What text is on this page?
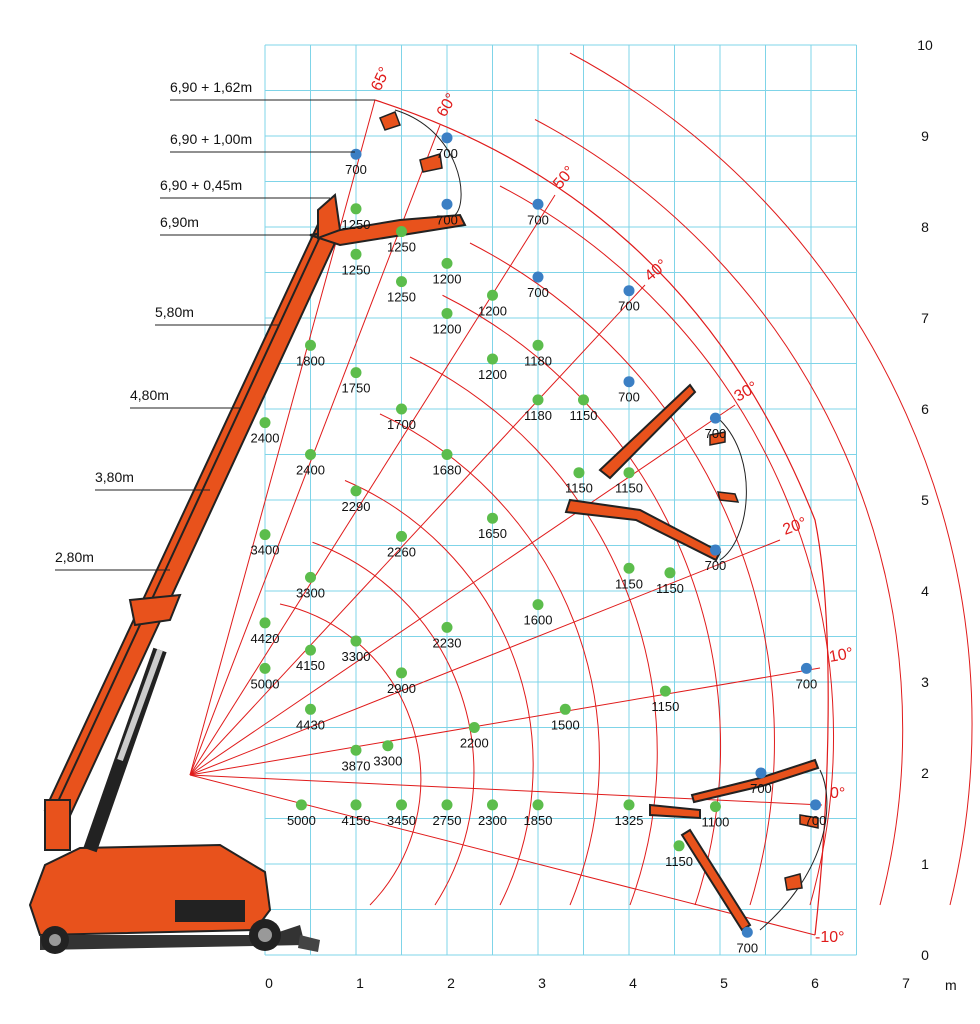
2400
2400
2290
2260
2230
3400
3300
3300
2900
4420
4150
5000
4430
3870 3300
2200
1500
1150
1600
1650
1680
1700
1750
1800
1250
1250
1200
1200
1180
1150
1200
1200
1180
1150
1150
1250
1250
1150 1150
5000 4150 3450 2750 2300 1850	1325	1100
1150
700
700
700	700
700
700
700
700
700
700
700
700
700
0	1	2	3	4	5	6	7
0
1
2
3
4
5
6
7
8
9
10
6,90 + 1,62m
6,90 + 1,00m
6,90 + 0,45m
6,90m
5,80m
4,80m
3,80m
2,80m
65°
60°
50°
40°
30°
20°
10°
0°
-10°
m
